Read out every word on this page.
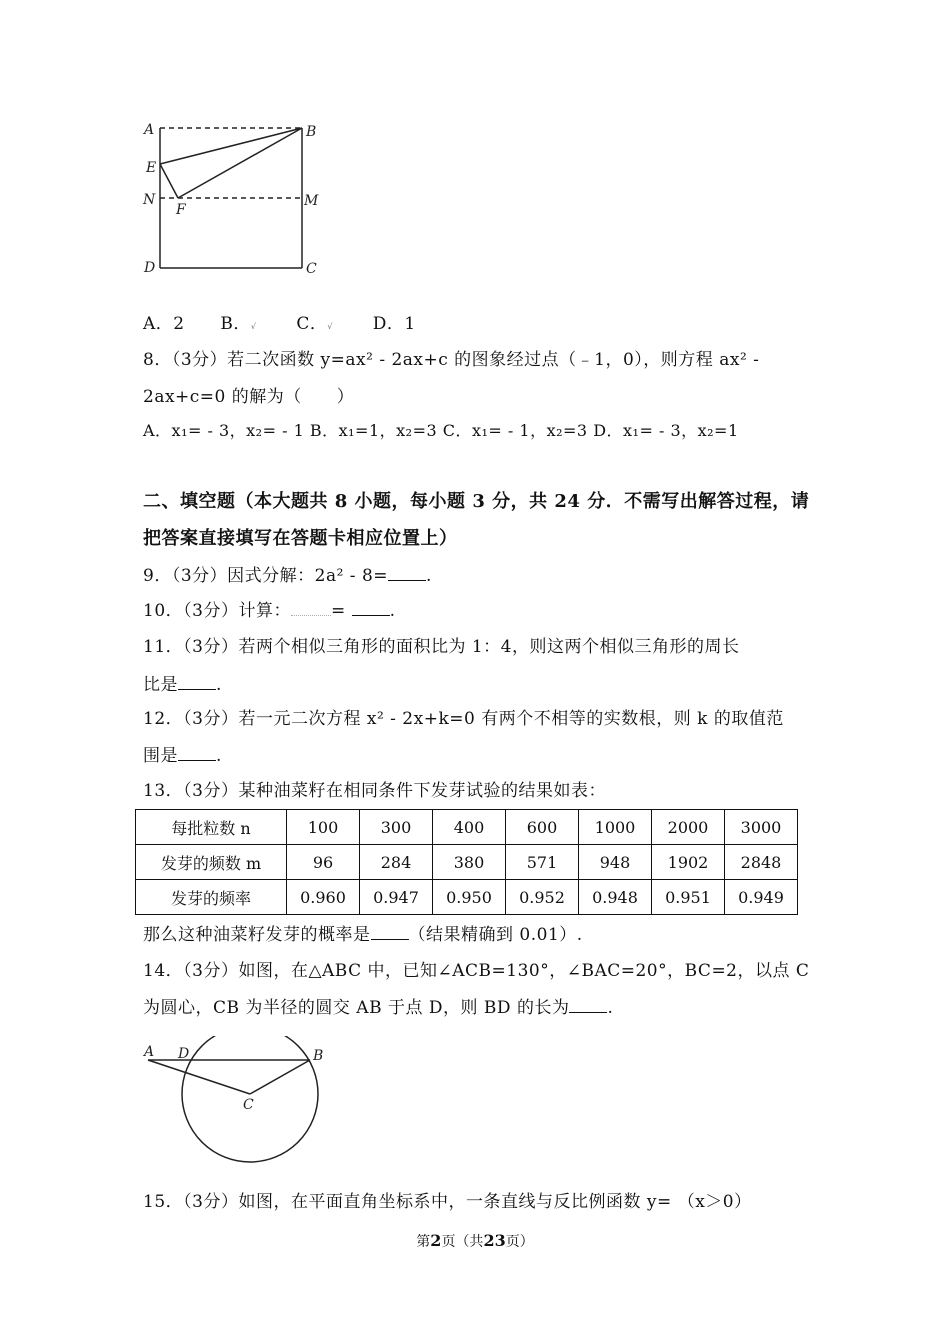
A	B
E
N
F
M
D	C
A．2 B．√ C．√ D．1
8．（3分）若二次函数 y=ax² ‑ 2ax+c 的图象经过点（﹣1，0），则方程 ax² ‑
2ax+c=0 的解为（　　）
A．x₁= ‑ 3，x₂= ‑ 1 B．x₁=1，x₂=3 C．x₁= ‑ 1，x₂=3 D．x₁= ‑ 3，x₂=1
二、填空题（本大题共 8 小题，每小题 3 分，共 24 分．不需写出解答过程，请
把答案直接填写在答题卡相应位置上）
9．（3分）因式分解：2a² ‑ 8= .
10．（3分）计算： = .
11．（3分）若两个相似三角形的面积比为 1：4，则这两个相似三角形的周长
比是 .
12．（3分）若一元二次方程 x² ‑ 2x+k=0 有两个不相等的实数根，则 k 的取值范
围是 .
13．（3分）某种油菜籽在相同条件下发芽试验的结果如表：
每批粒数 n	100	300	400	600	1000	2000	3000
发芽的频数 m	96	284	380	571	948	1902	2848
发芽的频率	0.960	0.947	0.950	0.952	0.948	0.951	0.949
那么这种油菜籽发芽的概率是 （结果精确到 0.01）.
14．（3分）如图，在△ABC 中，已知∠ACB=130°，∠BAC=20°，BC=2，以点 C
为圆心，CB 为半径的圆交 AB 于点 D，则 BD 的长为 .
A D	B
C
15．（3分）如图，在平面直角坐标系中，一条直线与反比例函数 y= （x＞0）
第2页（共23页）
